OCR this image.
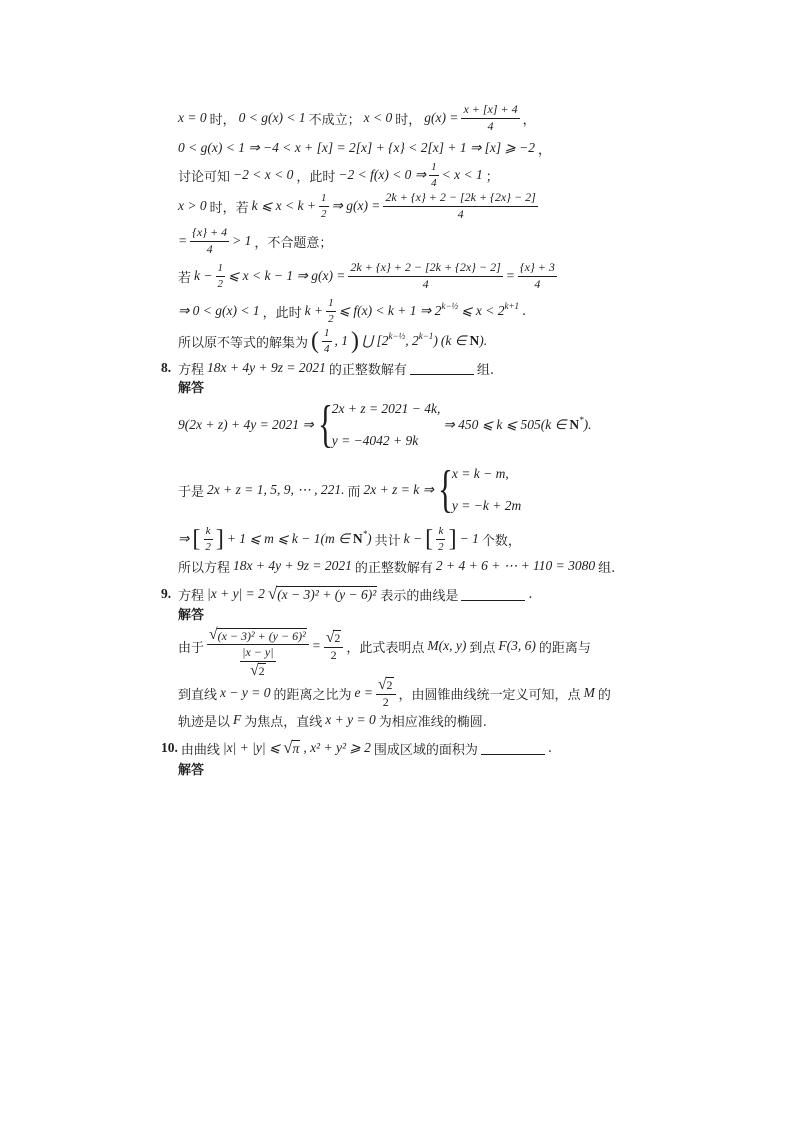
x = 0 时， 0 < g(x) < 1 不成立； x < 0 时， $g(x) = \frac{x + [x] + 4}{4}$ ，
0 < g(x) < 1 ⇒ −4 < x + [x] = 2[x] + {x} < 2[x] + 1 ⇒ [x] ⩾ −2 ，
讨论可知 −2 < x < 0 ，此时 −2 < f(x) < 0 ⇒ $\frac{1}{4} < x < 1$ ；
x > 0 时，若 k ⩽ $x < k + \frac{1}{2}$ ⇒ $g(x) = \frac{2k + \{x\} + 2 - [2k + \{2x\} - 2]}{4}$
= $\frac{\{x\} + 4}{4} > 1$ ，不合题意；
若 $k - \frac{1}{2}$ ⩽ x < k − 1 ⇒ $g(x) = \frac{2k + \{x\} + 2 - [2k + \{2x\} - 2]}{4} = \frac{\{x\} + 3}{4}$
⇒ 0 < g(x) < 1 ，此时 $k + \frac{1}{2}$ ⩽ f(x) < k + 1 ⇒ $2^{k-\frac{1}{2}}$ ⩽ $x < 2^{k+1}$ .
所以原不等式的解集为 ( $\frac{1}{4}$ , 1 ) ⋃ [$2^{k-\frac{1}{2}}$, $2^{k-1}$) (k ∈ N).
8. 方程 18x + 4y + 9z = 2021 的正整数解有	组.
解答
9(2x + z) + 4y = 2021 ⇒ {
2x + z = 2021 − 4k,
y = −4042 + 9k
⇒ 450 ⩽ k ⩽ 505(k ∈ N*).
于是 2x + z = 1, 5, 9, ⋯ , 221. 而 2x + z = k ⇒ {
x = k − m,
y = −k + 2m
⇒ [ $\frac{k}{2}$ ] + 1 ⩽ m ⩽ k − 1(m ∈ N*) 共计 k − [ $\frac{k}{2}$ ] − 1 个数，
所以方程 18x + 4y + 9z = 2021 的正整数解有 2 + 4 + 6 + ⋯ + 110 = 3080 组.
9. 方程 |x + y| = 2 √ (x − 3)² + (y − 6)² 表示的曲线是	.
解答
由于 $\frac{\text{√ (x − 3)² + (y − 6)²}}{\frac{|x - y|}{√ 2}} = \frac{√ 2}{2}$ ，此式表明点 M(x, y) 到点 F(3, 6) 的距离与
到直线 x − y = 0 的距离之比为 $e = \frac{√ 2}{2}$ ，由圆锥曲线统一定义可知，点 M 的
轨迹是以 F 为焦点，直线 x + y = 0 为相应准线的椭圆.
10. 由曲线 |x| + |y| ⩽ √ π , x² + y² ⩾ 2 围成区域的面积为	.
解答
